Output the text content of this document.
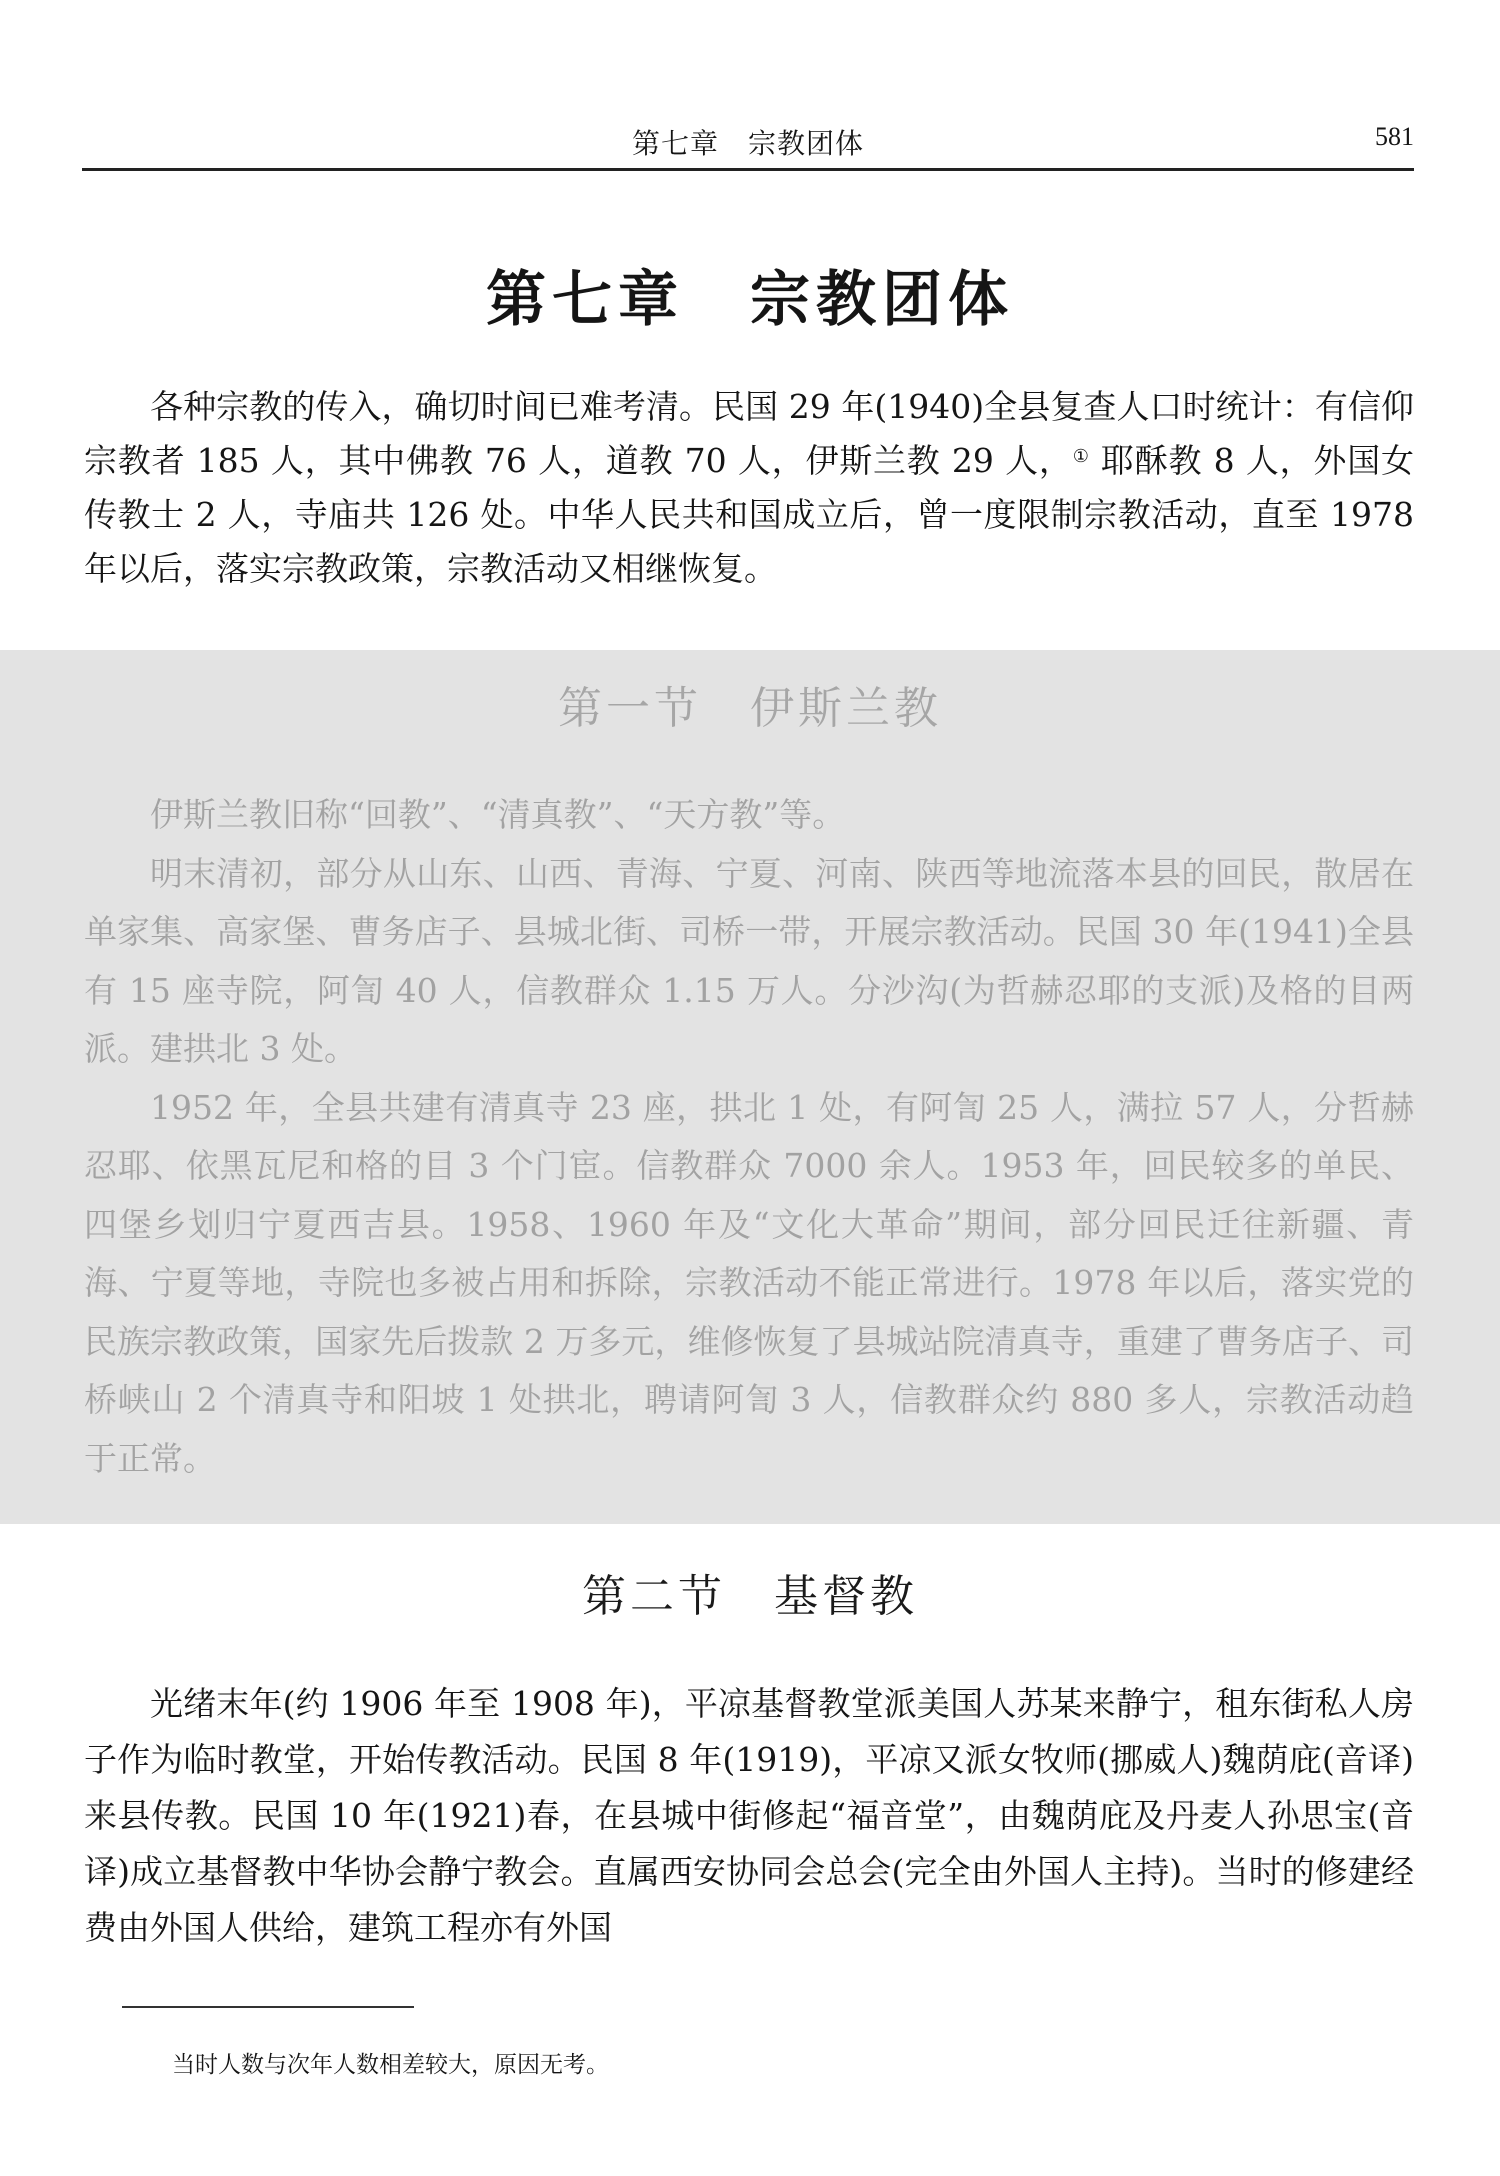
第七章　宗教团体	581
第七章　宗教团体

各种宗教的传入，确切时间已难考清。民国 29 年(1940)全县复查人口时统计：有信仰宗教者 185 人，其中佛教 76 人，道教 70 人，伊斯兰教 29 人，① 耶酥教 8 人，外国女传教士 2 人，寺庙共 126 处。中华人民共和国成立后，曾一度限制宗教活动，直至 1978 年以后，落实宗教政策，宗教活动又相继恢复。

第一节　伊斯兰教

伊斯兰教旧称“回教”、“清真教”、“天方教”等。

明末清初，部分从山东、山西、青海、宁夏、河南、陕西等地流落本县的回民，散居在单家集、高家堡、曹务店子、县城北街、司桥一带，开展宗教活动。民国 30 年(1941)全县有 15 座寺院，阿訇 40 人，信教群众 1.15 万人。分沙沟(为哲赫忍耶的支派)及格的目两派。建拱北 3 处。

1952 年，全县共建有清真寺 23 座，拱北 1 处，有阿訇 25 人，满拉 57 人，分哲赫忍耶、依黑瓦尼和格的目 3 个门宦。信教群众 7000 余人。1953 年，回民较多的单民、四堡乡划归宁夏西吉县。1958、1960 年及“文化大革命”期间，部分回民迁往新疆、青海、宁夏等地，寺院也多被占用和拆除，宗教活动不能正常进行。1978 年以后，落实党的民族宗教政策，国家先后拨款 2 万多元，维修恢复了县城站院清真寺，重建了曹务店子、司桥峡山 2 个清真寺和阳坡 1 处拱北，聘请阿訇 3 人，信教群众约 880 多人，宗教活动趋于正常。

第二节　基督教

光绪末年(约 1906 年至 1908 年)，平凉基督教堂派美国人苏某来静宁，租东街私人房子作为临时教堂，开始传教活动。民国 8 年(1919)，平凉又派女牧师(挪威人)魏荫庇(音译)来县传教。民国 10 年(1921)春，在县城中街修起“福音堂”，由魏荫庇及丹麦人孙思宝(音译)成立基督教中华协会静宁教会。直属西安协同会总会(完全由外国人主持)。当时的修建经费由外国人供给，建筑工程亦有外国

当时人数与次年人数相差较大，原因无考。
